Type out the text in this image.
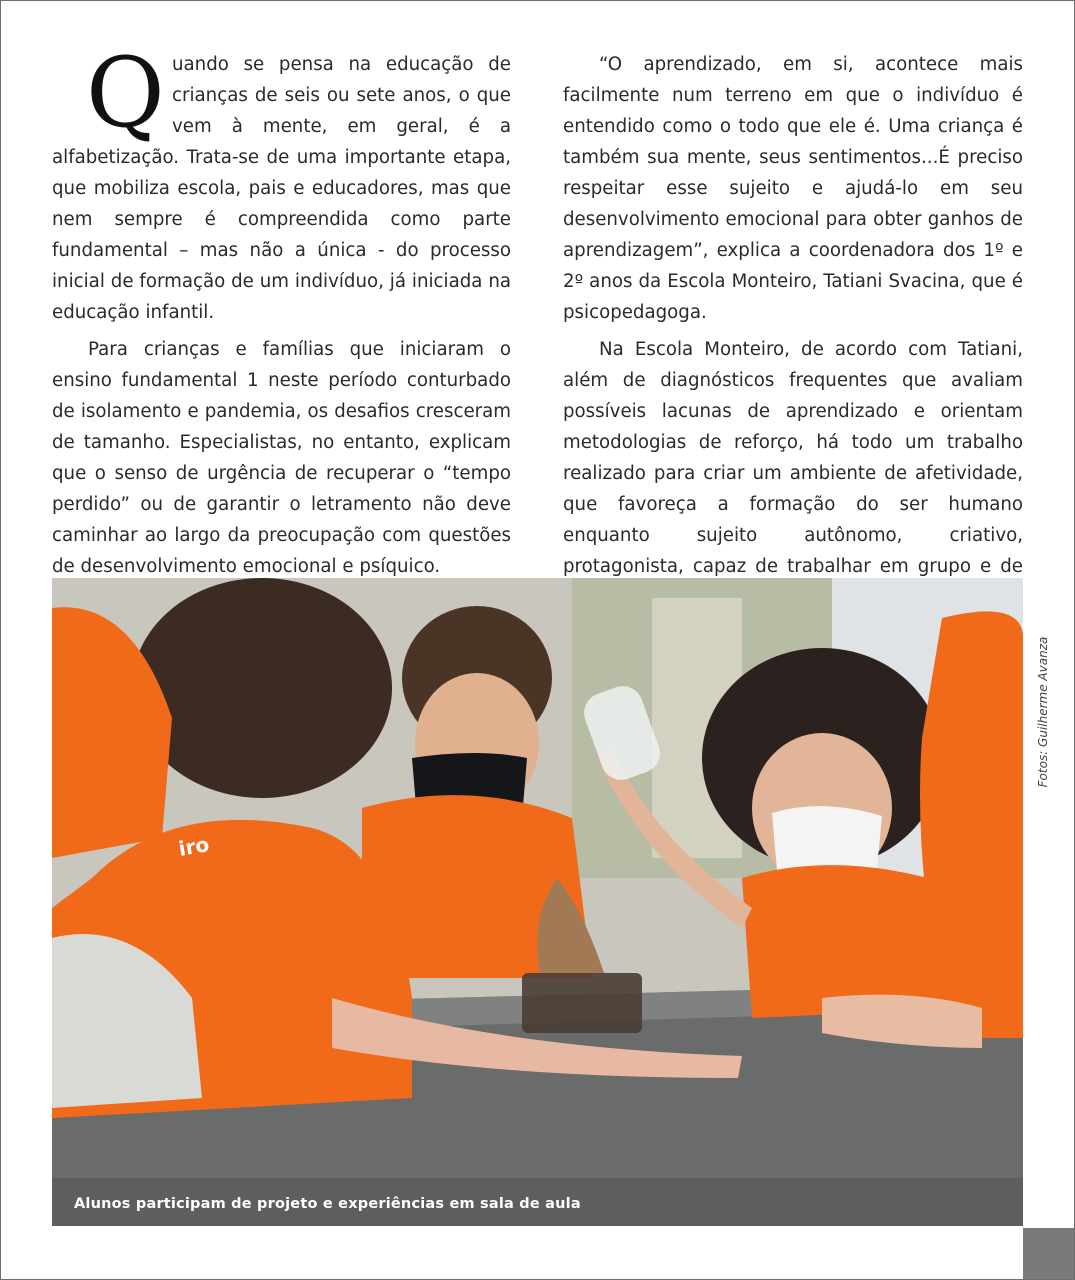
Quando se pensa na educação de crianças de seis ou sete anos, o que vem à mente, em geral, é a alfabetização. Trata-se de uma importante etapa, que mobiliza escola, pais e educadores, mas que nem sempre é compreendida como parte fundamental – mas não a única - do processo inicial de formação de um indivíduo, já iniciada na educação infantil.

Para crianças e famílias que iniciaram o ensino fundamental 1 neste período conturbado de isolamento e pandemia, os desafios cresceram de tamanho. Especialistas, no entanto, explicam que o senso de urgência de recuperar o “tempo perdido” ou de garantir o letramento não deve caminhar ao largo da preocupação com questões de desenvolvimento emocional e psíquico.

“O aprendizado, em si, acontece mais facilmente num terreno em que o indivíduo é entendido como o todo que ele é. Uma criança é também sua mente, seus sentimentos...É preciso respeitar esse sujeito e ajudá-lo em seu desenvolvimento emocional para obter ganhos de aprendizagem”, explica a coordenadora dos 1º e 2º anos da Escola Monteiro, Tatiani Svacina, que é psicopedagoga.

Na Escola Monteiro, de acordo com Tatiani, além de diagnósticos frequentes que avaliam possíveis lacunas de aprendizado e orientam metodologias de reforço, há todo um trabalho realizado para criar um ambiente de afetividade, que favoreça a formação do ser humano enquanto sujeito autônomo, criativo, protagonista, capaz de trabalhar em grupo e de

iro
Alunos participam de projeto e experiências em sala de aula
Fotos: Guilherme Avanza
